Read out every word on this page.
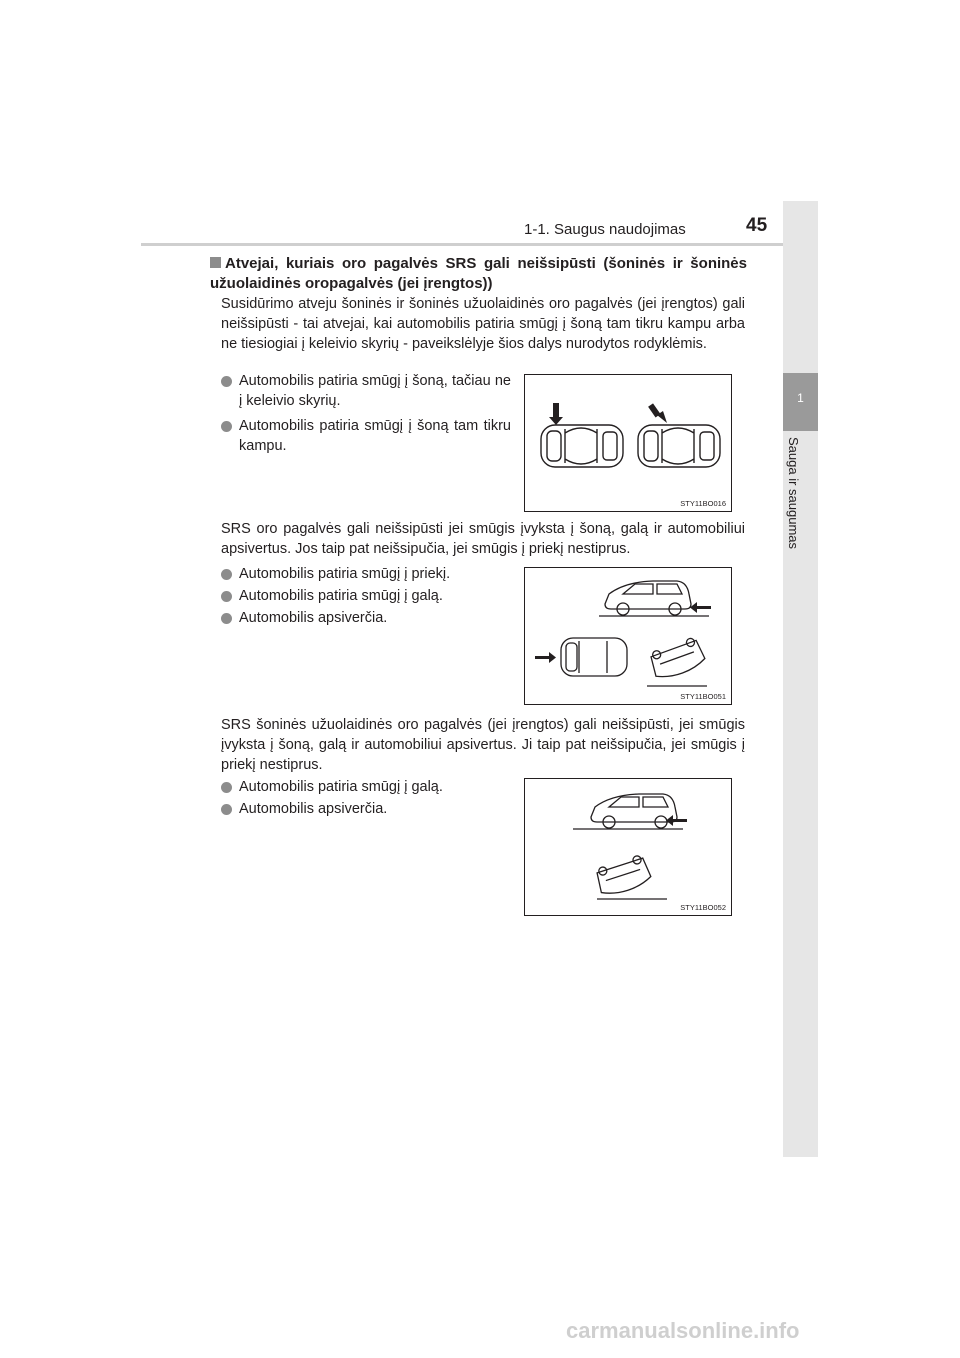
1-1. Saugus naudojimas	45
1
Sauga ir saugumas
Atvejai, kuriais oro pagalvės SRS gali neišsipūsti (šoninės ir šoninės užuolaidinės oropagalvės (jei įrengtos))
Susidūrimo atveju šoninės ir šoninės užuolaidinės oro pagalvės (jei įrengtos) gali neišsipūsti - tai atvejai, kai automobilis patiria smūgį į šoną tam tikru kampu arba ne tiesiogiai į keleivio skyrių - paveikslėlyje šios dalys nurodytos rodyklėmis.
Automobilis patiria smūgį į šoną, tačiau ne į keleivio skyrių.
Automobilis patiria smūgį į šoną tam tikru kampu.
STY11BO016
SRS oro pagalvės gali neišsipūsti jei smūgis įvyksta į šoną, galą ir automobiliui apsivertus. Jos taip pat neišsipučia, jei smūgis į priekį nestiprus.
Automobilis patiria smūgį į priekį.
Automobilis patiria smūgį į galą.
Automobilis apsiverčia.
STY11BO051
SRS šoninės užuolaidinės oro pagalvės (jei įrengtos) gali neišsipūsti, jei smūgis įvyksta į šoną, galą ir automobiliui apsivertus. Ji taip pat neišsipučia, jei smūgis į priekį nestiprus.
Automobilis patiria smūgį į galą.
Automobilis apsiverčia.
STY11BO052
carmanualsonline.info
